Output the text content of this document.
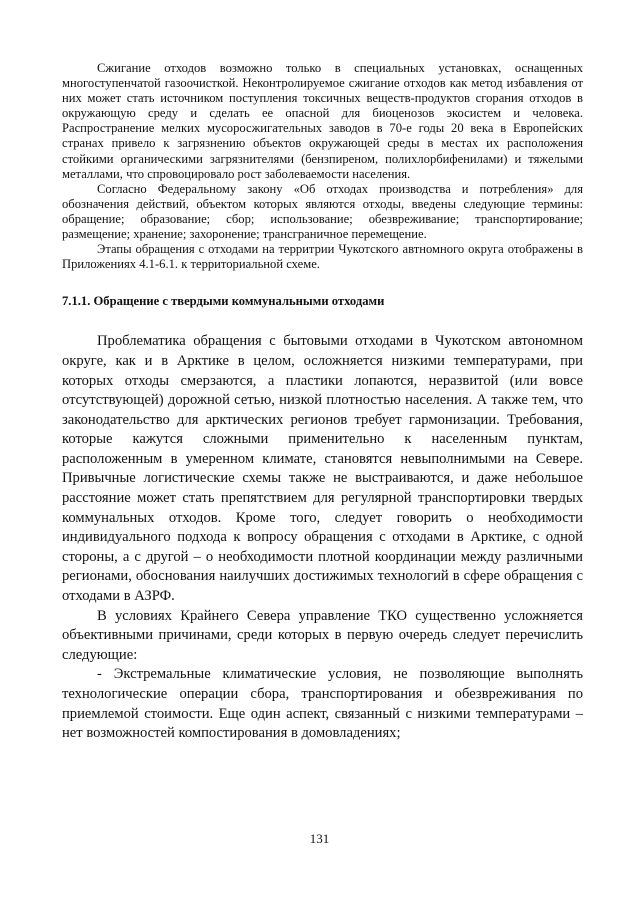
Сжигание отходов возможно только в специальных установках, оснащенных многоступенчатой газоочисткой. Неконтролируемое сжигание отходов как метод избавления от них может стать источником поступления токсичных веществ-продуктов сгорания отходов в окружающую среду и сделать ее опасной для биоценозов экосистем и человека. Распространение мелких мусоросжигательных заводов в 70-е годы 20 века в Европейских странах привело к загрязнению объектов окружающей среды в местах их расположения стойкими органическими загрязнителями (бензпиреном, полихлорбифенилами) и тяжелыми металлами, что спровоцировало рост заболеваемости населения.

Согласно Федеральному закону «Об отходах производства и потребления» для обозначения действий, объектом которых являются отходы, введены следующие термины: обращение; образование; сбор; использование; обезвреживание; транспортирование; размещение; хранение; захоронение; трансграничное перемещение.

Этапы обращения с отходами на территрии Чукотского автномного округа отображены в Приложениях 4.1-6.1. к территориальной схеме.

7.1.1. Обращение с твердыми коммунальными отходами

Проблематика обращения с бытовыми отходами в Чукотском автономном округе, как и в Арктике в целом, осложняется низкими температурами, при которых отходы смерзаются, а пластики лопаются, неразвитой (или вовсе отсутствующей) дорожной сетью, низкой плотностью населения. А также тем, что законодательство для арктических регионов требует гармонизации. Требования, которые кажутся сложными применительно к населенным пунктам, расположенным в умеренном климате, становятся невыполнимыми на Севере. Привычные логистические схемы также не выстраиваются, и даже небольшое расстояние может стать препятствием для регулярной транспортировки твердых коммунальных отходов. Кроме того, следует говорить о необходимости индивидуального подхода к вопросу обращения с отходами в Арктике, с одной стороны, а с другой – о необходимости плотной координации между различными регионами, обоснования наилучших достижимых технологий в сфере обращения с отходами в АЗРФ.

В условиях Крайнего Севера управление ТКО существенно усложняется объективными причинами, среди которых в первую очередь следует перечислить следующие:

- Экстремальные климатические условия, не позволяющие выполнять технологические операции сбора, транспортирования и обезвреживания по приемлемой стоимости. Еще один аспект, связанный с низкими температурами – нет возможностей компостирования в домовладениях;

131
